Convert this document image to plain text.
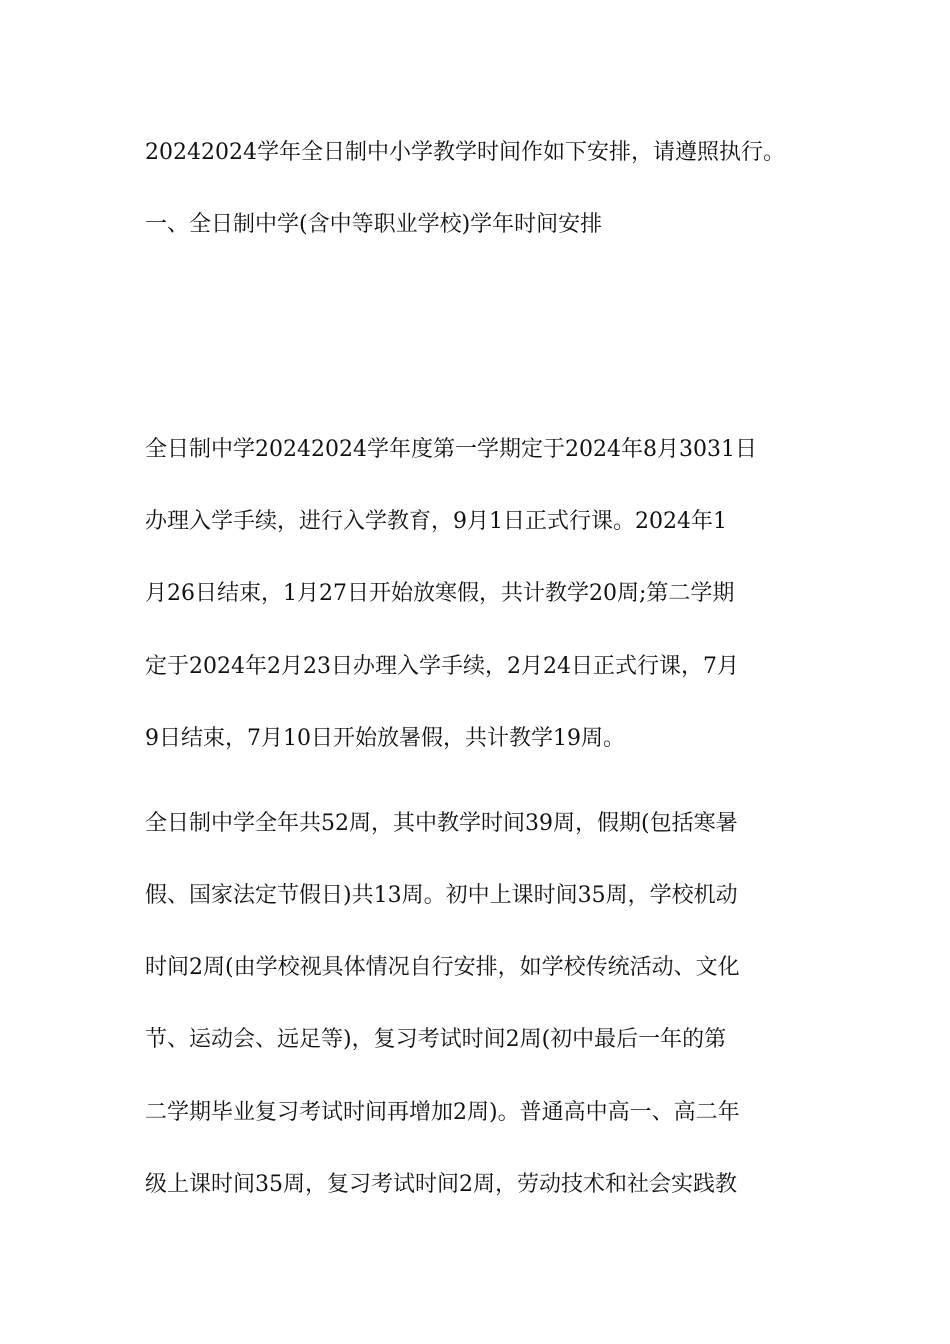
20242024学年全日制中小学教学时间作如下安排，请遵照执行。
一、全日制中学(含中等职业学校)学年时间安排
全日制中学20242024学年度第一学期定于2024年8月3031日
办理入学手续，进行入学教育，9月1日正式行课。2024年1
月26日结束，1月27日开始放寒假，共计教学20周;第二学期
定于2024年2月23日办理入学手续，2月24日正式行课，7月
9日结束，7月10日开始放暑假，共计教学19周。
全日制中学全年共52周，其中教学时间39周，假期(包括寒暑
假、国家法定节假日)共13周。初中上课时间35周，学校机动
时间2周(由学校视具体情况自行安排，如学校传统活动、文化
节、运动会、远足等)，复习考试时间2周(初中最后一年的第
二学期毕业复习考试时间再增加2周)。普通高中高一、高二年
级上课时间35周，复习考试时间2周，劳动技术和社会实践教
